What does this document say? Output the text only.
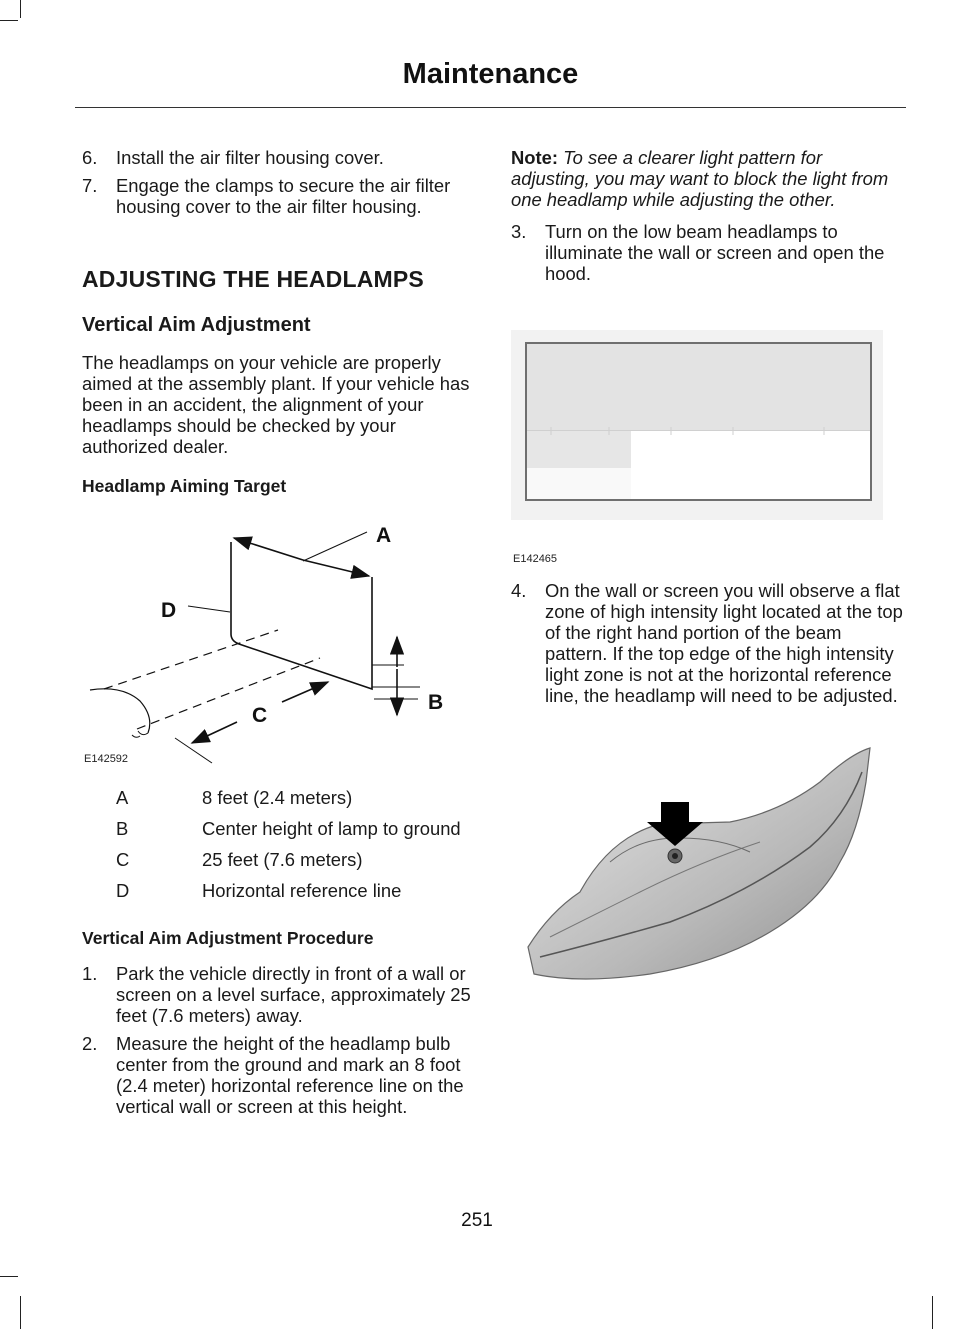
Maintenance
6.	Install the air filter housing cover.
7.	Engage the clamps to secure the air filter housing cover to the air filter housing.
ADJUSTING THE HEADLAMPS
Vertical Aim Adjustment
The headlamps on your vehicle are properly aimed at the assembly plant. If your vehicle has been in an accident, the alignment of your headlamps should be checked by your authorized dealer.
Headlamp Aiming Target
A
D
B
C
E142592
A	8 feet (2.4 meters)
B	Center height of lamp to ground
C	25 feet (7.6 meters)
D	Horizontal reference line
Vertical Aim Adjustment Procedure
1.	Park the vehicle directly in front of a wall or screen on a level surface, approximately 25 feet (7.6 meters) away.
2.	Measure the height of the headlamp bulb center from the ground and mark an 8 foot (2.4 meter) horizontal reference line on the vertical wall or screen at this height.
Note: To see a clearer light pattern for adjusting, you may want to block the light from one headlamp while adjusting the other.
3.	Turn on the low beam headlamps to illuminate the wall or screen and open the hood.
E142465
4.	On the wall or screen you will observe a flat zone of high intensity light located at the top of the right hand portion of the beam pattern. If the top edge of the high intensity light zone is not at the horizontal reference line, the headlamp will need to be adjusted.
251
